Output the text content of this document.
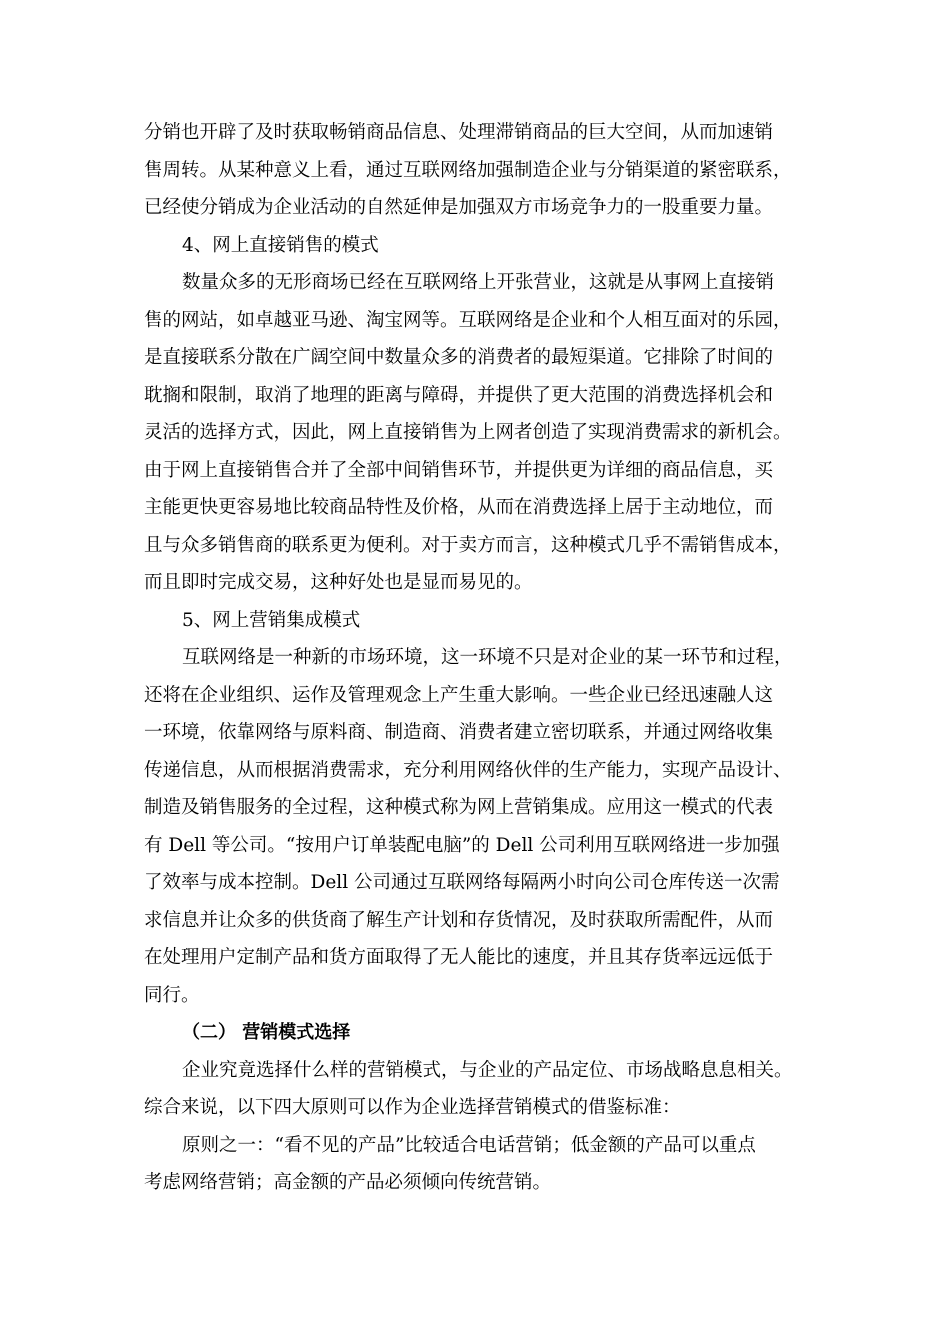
分销也开辟了及时获取畅销商品信息、处理滞销商品的巨大空间，从而加速销
售周转。从某种意义上看，通过互联网络加强制造企业与分销渠道的紧密联系，
已经使分销成为企业活动的自然延伸是加强双方市场竞争力的一股重要力量。
4、网上直接销售的模式
数量众多的无形商场已经在互联网络上开张营业，这就是从事网上直接销
售的网站，如卓越亚马逊、淘宝网等。互联网络是企业和个人相互面对的乐园，
是直接联系分散在广阔空间中数量众多的消费者的最短渠道。它排除了时间的
耽搁和限制，取消了地理的距离与障碍，并提供了更大范围的消费选择机会和
灵活的选择方式，因此，网上直接销售为上网者创造了实现消费需求的新机会。
由于网上直接销售合并了全部中间销售环节，并提供更为详细的商品信息，买
主能更快更容易地比较商品特性及价格，从而在消费选择上居于主动地位，而
且与众多销售商的联系更为便利。对于卖方而言，这种模式几乎不需销售成本，
而且即时完成交易，这种好处也是显而易见的。
5、网上营销集成模式
互联网络是一种新的市场环境，这一环境不只是对企业的某一环节和过程，
还将在企业组织、运作及管理观念上产生重大影响。一些企业已经迅速融人这
一环境，依靠网络与原料商、制造商、消费者建立密切联系，并通过网络收集
传递信息，从而根据消费需求，充分利用网络伙伴的生产能力，实现产品设计、
制造及销售服务的全过程，这种模式称为网上营销集成。应用这一模式的代表
有 Dell 等公司。“按用户订单装配电脑”的 Dell 公司利用互联网络进一步加强
了效率与成本控制。Dell 公司通过互联网络每隔两小时向公司仓库传送一次需
求信息并让众多的供货商了解生产计划和存货情况，及时获取所需配件，从而
在处理用户定制产品和货方面取得了无人能比的速度，并且其存货率远远低于
同行。
（二） 营销模式选择
企业究竟选择什么样的营销模式，与企业的产品定位、市场战略息息相关。
综合来说，以下四大原则可以作为企业选择营销模式的借鉴标准：
原则之一：“看不见的产品”比较适合电话营销；低金额的产品可以重点
考虑网络营销；高金额的产品必须倾向传统营销。
